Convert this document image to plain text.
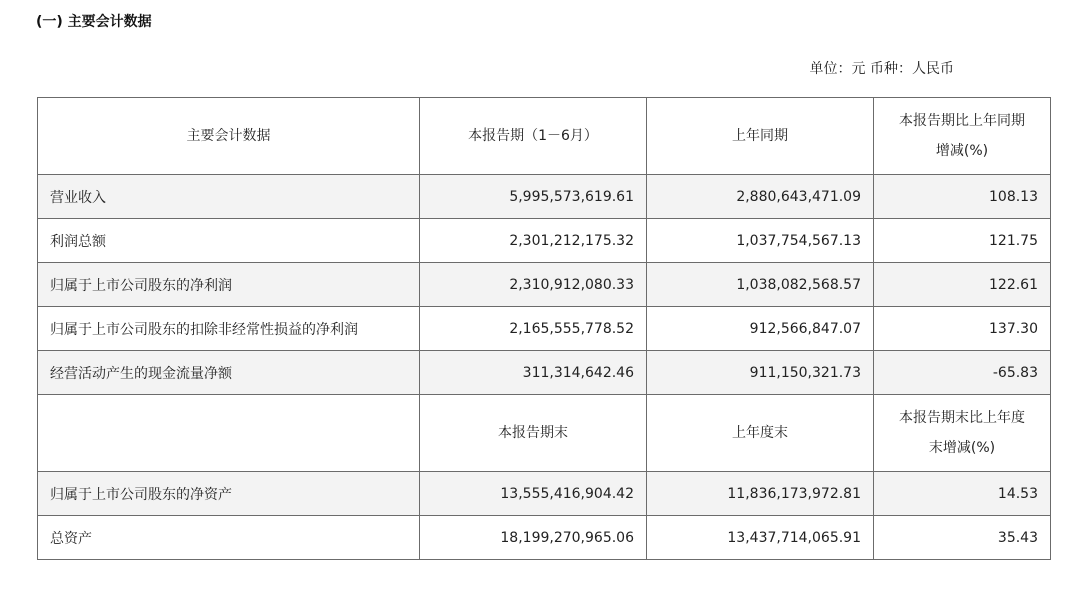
(一) 主要会计数据
单位：元 币种：人民币
主要会计数据	本报告期（1－6月）	上年同期	本报告期比上年同期
增减(%)

营业收入	5,995,573,619.61	2,880,643,471.09	108.13
利润总额	2,301,212,175.32	1,037,754,567.13	121.75
归属于上市公司股东的净利润	2,310,912,080.33	1,038,082,568.57	122.61
归属于上市公司股东的扣除非经常性损益的净利润	2,165,555,778.52	912,566,847.07	137.30
经营活动产生的现金流量净额	311,314,642.46	911,150,321.73	-65.83
	本报告期末	上年度末	本报告期末比上年度
末增减(%)

归属于上市公司股东的净资产	13,555,416,904.42	11,836,173,972.81	14.53
总资产	18,199,270,965.06	13,437,714,065.91	35.43
